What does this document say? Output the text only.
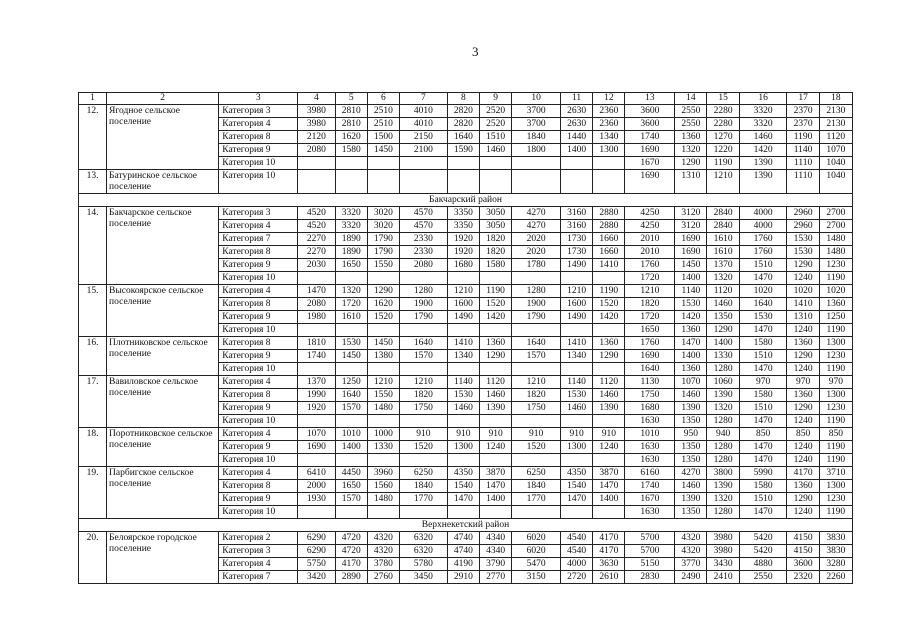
3
1	2	3	4	5	6	7	8	9	10	11	12	13	14	15	16	17	18
12.	Ягодное сельское поселение	Категория 3	3980	2810	2510	4010	2820	2520	3700	2630	2360	3600	2550	2280	3320	2370	2130
		Категория 4	3980	2810	2510	4010	2820	2520	3700	2630	2360	3600	2550	2280	3320	2370	2130
		Категория 8	2120	1620	1500	2150	1640	1510	1840	1440	1340	1740	1360	1270	1460	1190	1120
		Категория 9	2080	1580	1450	2100	1590	1460	1800	1400	1300	1690	1320	1220	1420	1140	1070
		Категория 10										1670	1290	1190	1390	1110	1040
13.	Батуринское сельское поселение	Категория 10										1690	1310	1210	1390	1110	1040
Бакчарский район																	
14.	Бакчарское сельское поселение	Категория 3	4520	3320	3020	4570	3350	3050	4270	3160	2880	4250	3120	2840	4000	2960	2700
		Категория 4	4520	3320	3020	4570	3350	3050	4270	3160	2880	4250	3120	2840	4000	2960	2700
		Категория 7	2270	1890	1790	2330	1920	1820	2020	1730	1660	2010	1690	1610	1760	1530	1480
		Категория 8	2270	1890	1790	2330	1920	1820	2020	1730	1660	2010	1690	1610	1760	1530	1480
		Категория 9	2030	1650	1550	2080	1680	1580	1780	1490	1410	1760	1450	1370	1510	1290	1230
		Категория 10										1720	1400	1320	1470	1240	1190
15.	Высокоярское сельское поселение	Категория 4	1470	1320	1290	1280	1210	1190	1280	1210	1190	1210	1140	1120	1020	1020	1020
		Категория 8	2080	1720	1620	1900	1600	1520	1900	1600	1520	1820	1530	1460	1640	1410	1360
		Категория 9	1980	1610	1520	1790	1490	1420	1790	1490	1420	1720	1420	1350	1530	1310	1250
		Категория 10										1650	1360	1290	1470	1240	1190
16.	Плотниковское сельское поселение	Категория 8	1810	1530	1450	1640	1410	1360	1640	1410	1360	1760	1470	1400	1580	1360	1300
		Категория 9	1740	1450	1380	1570	1340	1290	1570	1340	1290	1690	1400	1330	1510	1290	1230
		Категория 10										1640	1360	1280	1470	1240	1190
17.	Вавиловское сельское поселение	Категория 4	1370	1250	1210	1210	1140	1120	1210	1140	1120	1130	1070	1060	970	970	970
		Категория 8	1990	1640	1550	1820	1530	1460	1820	1530	1460	1750	1460	1390	1580	1360	1300
		Категория 9	1920	1570	1480	1750	1460	1390	1750	1460	1390	1680	1390	1320	1510	1290	1230
		Категория 10										1630	1350	1280	1470	1240	1190
18.	Поротниковское сельское поселение	Категория 4	1070	1010	1000	910	910	910	910	910	910	1010	950	940	850	850	850
		Категория 9	1690	1400	1330	1520	1300	1240	1520	1300	1240	1630	1350	1280	1470	1240	1190
		Категория 10										1630	1350	1280	1470	1240	1190
19.	Парбигское сельское поселение	Категория 4	6410	4450	3960	6250	4350	3870	6250	4350	3870	6160	4270	3800	5990	4170	3710
		Категория 8	2000	1650	1560	1840	1540	1470	1840	1540	1470	1740	1460	1390	1580	1360	1300
		Категория 9	1930	1570	1480	1770	1470	1400	1770	1470	1400	1670	1390	1320	1510	1290	1230
		Категория 10										1630	1350	1280	1470	1240	1190
Верхнекетский район																	
20.	Белоярское городское поселение	Категория 2	6290	4720	4320	6320	4740	4340	6020	4540	4170	5700	4320	3980	5420	4150	3830
		Категория 3	6290	4720	4320	6320	4740	4340	6020	4540	4170	5700	4320	3980	5420	4150	3830
		Категория 4	5750	4170	3780	5780	4190	3790	5470	4000	3630	5150	3770	3430	4880	3600	3280
		Категория 7	3420	2890	2760	3450	2910	2770	3150	2720	2610	2830	2490	2410	2550	2320	2260
